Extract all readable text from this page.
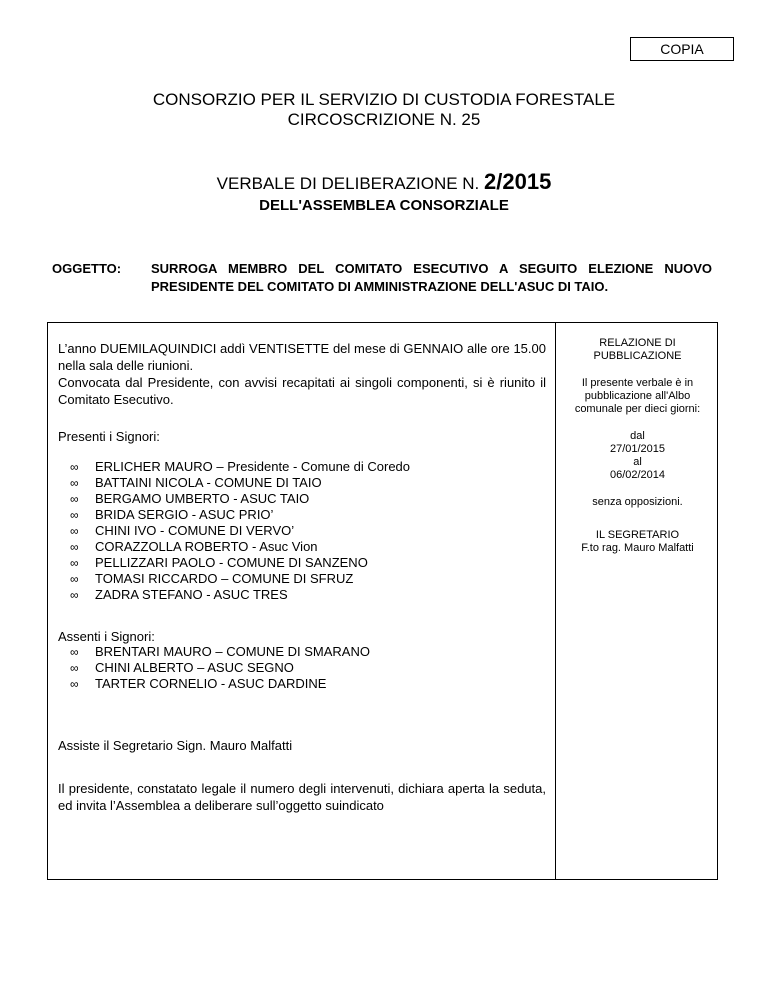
COPIA
CONSORZIO PER IL SERVIZIO DI CUSTODIA FORESTALE
CIRCOSCRIZIONE N. 25
VERBALE DI DELIBERAZIONE N. 2/2015
DELL'ASSEMBLEA CONSORZIALE
OGGETTO: SURROGA MEMBRO DEL COMITATO ESECUTIVO A SEGUITO ELEZIONE NUOVO PRESIDENTE DEL COMITATO DI AMMINISTRAZIONE DELL'ASUC DI TAIO.
L’anno DUEMILAQUINDICI addì VENTISETTE del mese di GENNAIO alle ore 15.00 nella sala delle riunioni.
Convocata dal Presidente, con avvisi recapitati ai singoli componenti, si è riunito il Comitato Esecutivo.
Presenti i Signori:
∞ ERLICHER MAURO – Presidente - Comune di Coredo
∞ BATTAINI NICOLA - COMUNE DI TAIO
∞ BERGAMO UMBERTO - ASUC TAIO
∞ BRIDA SERGIO - ASUC PRIO’
∞ CHINI IVO - COMUNE DI VERVO’
∞ CORAZZOLLA ROBERTO - Asuc Vion
∞ PELLIZZARI PAOLO - COMUNE DI SANZENO
∞ TOMASI RICCARDO – COMUNE DI SFRUZ
∞ ZADRA STEFANO - ASUC TRES
Assenti i Signori:
∞ BRENTARI MAURO – COMUNE DI SMARANO
∞ CHINI ALBERTO – ASUC SEGNO
∞ TARTER CORNELIO - ASUC DARDINE
Assiste il Segretario Sign. Mauro Malfatti
Il presidente, constatato legale il numero degli intervenuti, dichiara aperta la seduta, ed invita l’Assemblea a deliberare sull’oggetto suindicato
RELAZIONE DI
PUBBLICAZIONE
Il presente verbale è in
pubblicazione all'Albo
comunale per dieci giorni:
dal
27/01/2015
al
06/02/2014
senza opposizioni.
IL SEGRETARIO
F.to rag. Mauro Malfatti
